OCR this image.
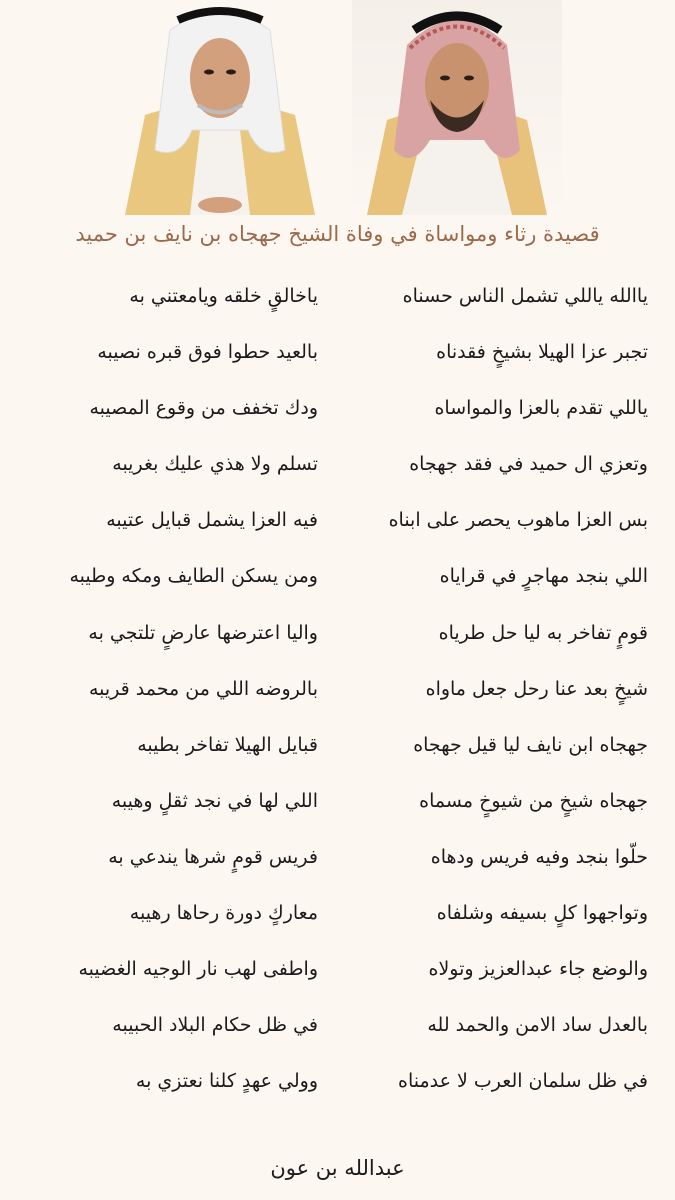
قصيدة رثاء ومواساة في وفاة الشيخ جهجاه بن نايف بن حميد
ياالله ياللي تشمل الناس حسناه
ياخالقٍ خلقه ويامعتني به
تجبر عزا الهيلا بشيخٍ فقدناه
بالعيد حطوا فوق قبره نصيبه
ياللي تقدم بالعزا والمواساه
ودك تخفف من وقوع المصيبه
وتعزي ال حميد في فقد جهجاه
تسلم ولا هذي عليك بغريبه
بس العزا ماهوب يحصر على ابناه
فيه العزا يشمل قبايل عتيبه
اللي بنجد مهاجرٍ في قراياه
ومن يسكن الطايف ومكه وطيبه
قومٍ تفاخر به ليا حل طرياه
واليا اعترضها عارضٍ تلتجي به
شيخٍ بعد عنا رحل جعل ماواه
بالروضه اللي من محمد قريبه
جهجاه ابن نايف ليا قيل جهجاه
قبايل الهيلا تفاخر بطيبه
جهجاه شيخٍ من شيوخٍ مسماه
اللي لها في نجد ثقلٍ وهيبه
حلّوا بنجد وفيه فريس ودهاه
فريس قومٍ شرها يندعي به
وتواجهوا كلٍ بسيفه وشلفاه
معاركٍ دورة رحاها رهيبه
والوضع جاء عبدالعزيز وتولاه
واطفى لهب نار الوجيه الغضيبه
بالعدل ساد الامن والحمد لله
في ظل حكام البلاد الحبيبه
في ظل سلمان العرب لا عدمناه
وولي عهدٍ كلنا نعتزي به
عبدالله بن عون
